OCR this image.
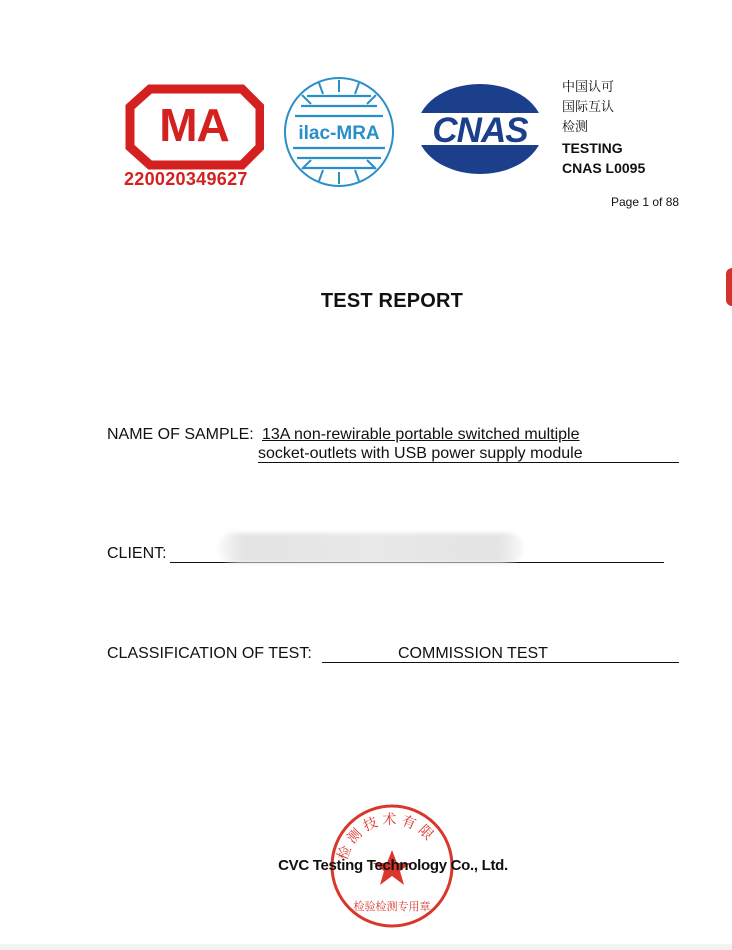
MA
220020349627
ilac-MRA CNAS
中国认可
国际互认
检测
TESTING
CNAS L0095
Page 1 of 88
TEST REPORT
NAME OF SAMPLE: 13A non-rewirable portable switched multiple
socket-outlets with USB power supply module
CLIENT:
CLASSIFICATION OF TEST:	COMMISSION TEST
检测技术有限
检验检测专用章
CVC Testing Technology Co., Ltd.
